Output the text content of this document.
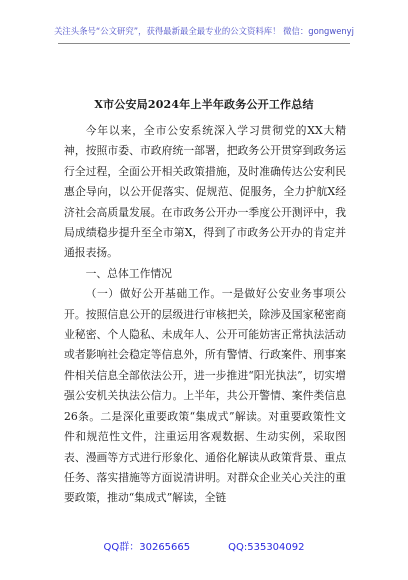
关注头条号“公文研究”，获得最新最全最专业的公文资料库！ 微信：gongwenyj
X市公安局2024年上半年政务公开工作总结

今年以来，全市公安系统深入学习贯彻党的XX大精神，按照市委、市政府统一部署，把政务公开贯穿到政务运行全过程，全面公开相关政策措施，及时准确传达公安利民惠企导向，以公开促落实、促规范、促服务，全力护航X经济社会高质量发展。在市政务公开办一季度公开测评中，我局成绩稳步提升至全市第X，得到了市政务公开办的肯定并通报表扬。

一、总体工作情况

（一）做好公开基础工作。一是做好公安业务事项公开。按照信息公开的层级进行审核把关，除涉及国家秘密商业秘密、个人隐私、未成年人、公开可能妨害正常执法活动或者影响社会稳定等信息外，所有警情、行政案件、刑事案件相关信息全部依法公开，进一步推进“阳光执法”，切实增强公安机关执法公信力。上半年，共公开警情、案件类信息26条。二是深化重要政策“集成式”解读。对重要政策性文件和规范性文件，注重运用客观数据、生动实例，采取图表、漫画等方式进行形象化、通俗化解读从政策背景、重点任务、落实措施等方面说清讲明。对群众企业关心关注的重要政策，推动“集成式”解读，全链

QQ群：30265665	QQ:535304092
